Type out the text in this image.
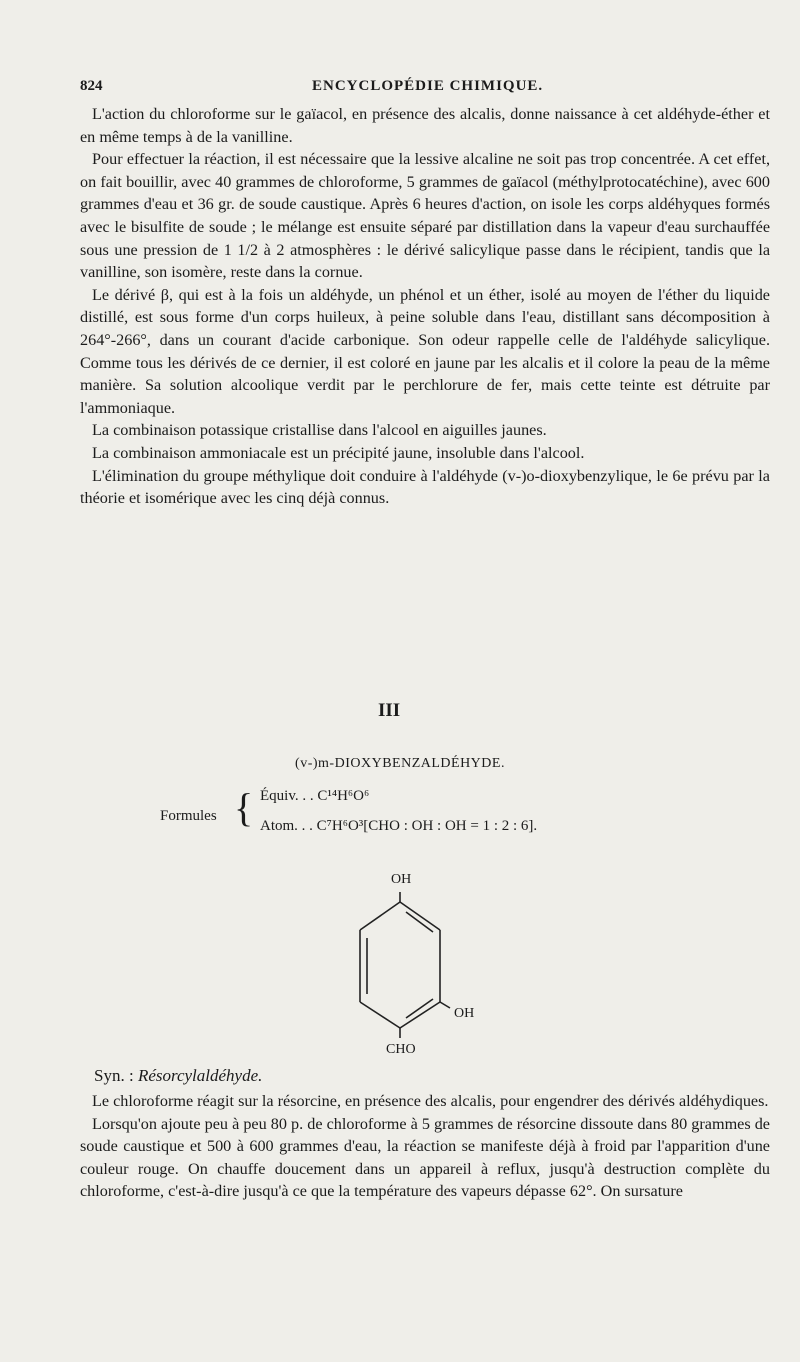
824	ENCYCLOPÉDIE CHIMIQUE.

L'action du chloroforme sur le gaïacol, en présence des alcalis, donne naissance à cet aldéhyde-éther et en même temps à de la vanilline.

Pour effectuer la réaction, il est nécessaire que la lessive alcaline ne soit pas trop concentrée. A cet effet, on fait bouillir, avec 40 grammes de chloroforme, 5 grammes de gaïacol (méthylprotocatéchine), avec 600 grammes d'eau et 36 gr. de soude caustique. Après 6 heures d'action, on isole les corps aldéhyques formés avec le bisulfite de soude ; le mélange est ensuite séparé par distillation dans la vapeur d'eau surchauffée sous une pression de 1 1/2 à 2 atmosphères : le dérivé salicylique passe dans le récipient, tandis que la vanilline, son isomère, reste dans la cornue.

Le dérivé β, qui est à la fois un aldéhyde, un phénol et un éther, isolé au moyen de l'éther du liquide distillé, est sous forme d'un corps huileux, à peine soluble dans l'eau, distillant sans décomposition à 264°-266°, dans un courant d'acide carbonique. Son odeur rappelle celle de l'aldéhyde salicylique. Comme tous les dérivés de ce dernier, il est coloré en jaune par les alcalis et il colore la peau de la même manière. Sa solution alcoolique verdit par le perchlorure de fer, mais cette teinte est détruite par l'ammoniaque.

La combinaison potassique cristallise dans l'alcool en aiguilles jaunes.

La combinaison ammoniacale est un précipité jaune, insoluble dans l'alcool.

L'élimination du groupe méthylique doit conduire à l'aldéhyde (v-)o-dioxybenzylique, le 6e prévu par la théorie et isomérique avec les cinq déjà connus.

III
(v-)m-DIOXYBENZALDÉHYDE.
Formules { Équiv. . . C¹⁴H⁶O⁶
Atom. . . C⁷H⁶O³[CHO : OH : OH = 1 : 2 : 6].
OH
OH
CHO
Syn. : Résorcylaldéhyde.

Le chloroforme réagit sur la résorcine, en présence des alcalis, pour engendrer des dérivés aldéhydiques.

Lorsqu'on ajoute peu à peu 80 p. de chloroforme à 5 grammes de résorcine dissoute dans 80 grammes de soude caustique et 500 à 600 grammes d'eau, la réaction se manifeste déjà à froid par l'apparition d'une couleur rouge. On chauffe doucement dans un appareil à reflux, jusqu'à destruction complète du chloroforme, c'est-à-dire jusqu'à ce que la température des vapeurs dépasse 62°. On sursature
